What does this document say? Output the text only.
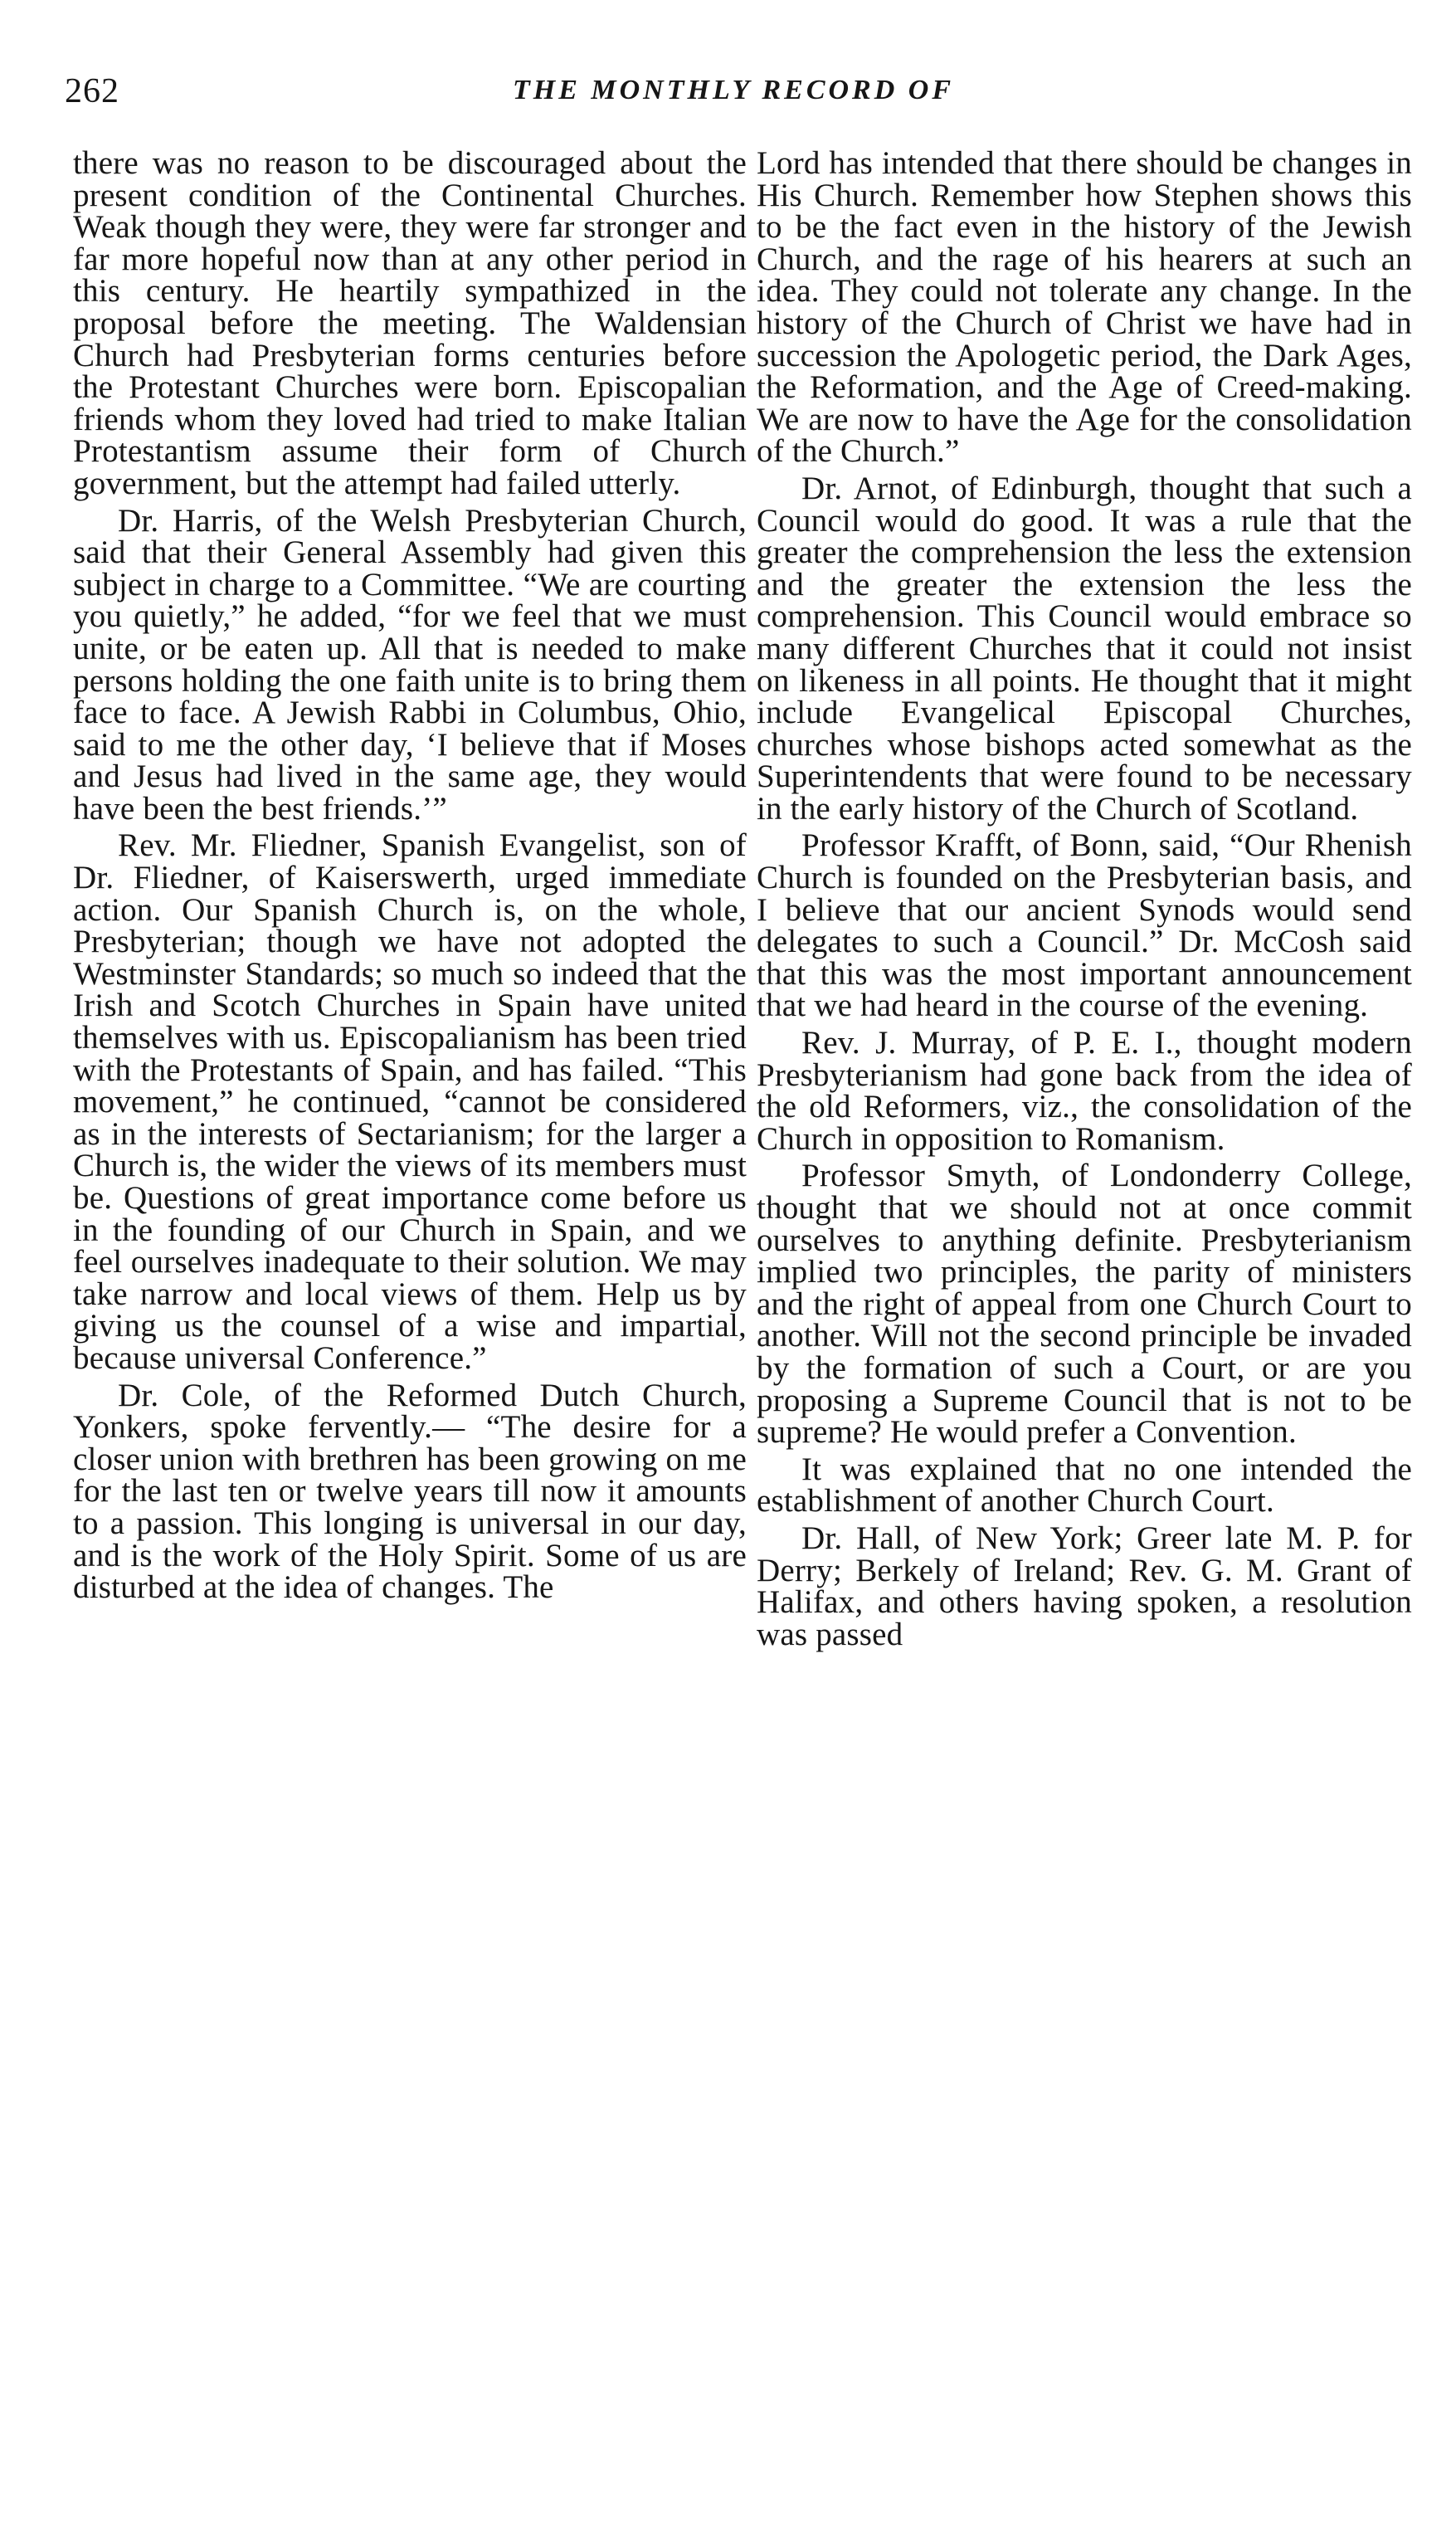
262	THE MONTHLY RECORD OF

there was no reason to be discouraged about the present condition of the Continental Churches. Weak though they were, they were far stronger and far more hopeful now than at any other period in this century. He heartily sympathized in the proposal before the meeting. The Waldensian Church had Presbyterian forms centuries before the Protestant Churches were born. Episcopalian friends whom they loved had tried to make Italian Protestantism assume their form of Church government, but the attempt had failed utterly.

Dr. Harris, of the Welsh Presbyterian Church, said that their General Assembly had given this subject in charge to a Committee. “We are courting you quietly,” he added, “for we feel that we must unite, or be eaten up. All that is needed to make persons holding the one faith unite is to bring them face to face. A Jewish Rabbi in Columbus, Ohio, said to me the other day, ‘I believe that if Moses and Jesus had lived in the same age, they would have been the best friends.’”

Rev. Mr. Fliedner, Spanish Evangelist, son of Dr. Fliedner, of Kaiserswerth, urged immediate action. Our Spanish Church is, on the whole, Presbyterian; though we have not adopted the Westminster Standards; so much so indeed that the Irish and Scotch Churches in Spain have united themselves with us. Episcopalianism has been tried with the Protestants of Spain, and has failed. “This movement,” he continued, “cannot be considered as in the interests of Sectarianism; for the larger a Church is, the wider the views of its members must be. Questions of great importance come before us in the founding of our Church in Spain, and we feel ourselves inadequate to their solution. We may take narrow and local views of them. Help us by giving us the counsel of a wise and impartial, because universal Conference.”

Dr. Cole, of the Reformed Dutch Church, Yonkers, spoke fervently.— “The desire for a closer union with brethren has been growing on me for the last ten or twelve years till now it amounts to a passion. This longing is universal in our day, and is the work of the Holy Spirit. Some of us are disturbed at the idea of changes. The

Lord has intended that there should be changes in His Church. Remember how Stephen shows this to be the fact even in the history of the Jewish Church, and the rage of his hearers at such an idea. They could not tolerate any change. In the history of the Church of Christ we have had in succession the Apologetic period, the Dark Ages, the Reformation, and the Age of Creed-making. We are now to have the Age for the consolidation of the Church.”

Dr. Arnot, of Edinburgh, thought that such a Council would do good. It was a rule that the greater the comprehension the less the extension and the greater the extension the less the comprehension. This Council would embrace so many different Churches that it could not insist on likeness in all points. He thought that it might include Evangelical Episcopal Churches, churches whose bishops acted somewhat as the Superintendents that were found to be necessary in the early history of the Church of Scotland.

Professor Krafft, of Bonn, said, “Our Rhenish Church is founded on the Presbyterian basis, and I believe that our ancient Synods would send delegates to such a Council.” Dr. McCosh said that this was the most important announcement that we had heard in the course of the evening.

Rev. J. Murray, of P. E. I., thought modern Presbyterianism had gone back from the idea of the old Reformers, viz., the consolidation of the Church in opposition to Romanism.

Professor Smyth, of Londonderry College, thought that we should not at once commit ourselves to anything definite. Presbyterianism implied two principles, the parity of ministers and the right of appeal from one Church Court to another. Will not the second principle be invaded by the formation of such a Court, or are you proposing a Supreme Council that is not to be supreme? He would prefer a Convention.

It was explained that no one intended the establishment of another Church Court.

Dr. Hall, of New York; Greer late M. P. for Derry; Berkely of Ireland; Rev. G. M. Grant of Halifax, and others having spoken, a resolution was passed
